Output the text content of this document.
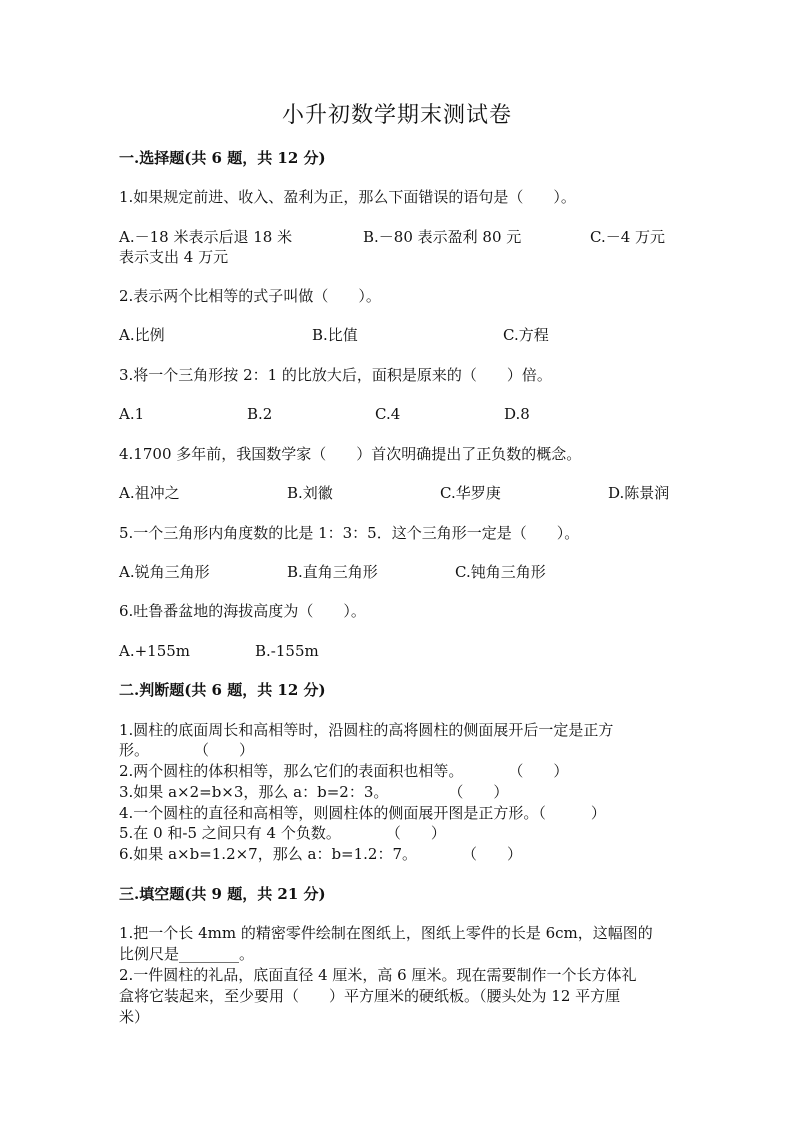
小升初数学期末测试卷
一.选择题(共 6 题，共 12 分)
1.如果规定前进、收入、盈利为正，那么下面错误的语句是（　　）。
A.－18 米表示后退 18 米	B.－80 表示盈利 80 元	C.－4 万元
表示支出 4 万元
2.表示两个比相等的式子叫做（　　）。
A.比例	B.比值	C.方程
3.将一个三角形按 2：1 的比放大后，面积是原来的（　　）倍。
A.1	B.2	C.4	D.8
4.1700 多年前，我国数学家（　　）首次明确提出了正负数的概念。
A.祖冲之	B.刘徽	C.华罗庚	D.陈景润
5.一个三角形内角度数的比是 1：3：5．这个三角形一定是（　　）。
A.锐角三角形	B.直角三角形	C.钝角三角形
6.吐鲁番盆地的海拔高度为（　　）。
A.+155m	B.-155m
二.判断题(共 6 题，共 12 分)
1.圆柱的底面周长和高相等时，沿圆柱的高将圆柱的侧面展开后一定是正方
形。　　　　（　　）
2.两个圆柱的体积相等，那么它们的表面积也相等。　　　　（　　）
3.如果 a×2=b×3，那么 a：b=2：3。　　　　　（　　）
4.一个圆柱的直径和高相等，则圆柱体的侧面展开图是正方形。（　　　）
5.在 0 和-5 之间只有 4 个负数。　　　　（　　）
6.如果 a×b=1.2×7，那么 a：b=1.2：7。　　　　（　　）
三.填空题(共 9 题，共 21 分)
1.把一个长 4mm 的精密零件绘制在图纸上，图纸上零件的长是 6cm，这幅图的
比例尺是________。
2.一件圆柱的礼品，底面直径 4 厘米，高 6 厘米。现在需要制作一个长方体礼
盒将它装起来，至少要用（　　）平方厘米的硬纸板。（腰头处为 12 平方厘
米）
